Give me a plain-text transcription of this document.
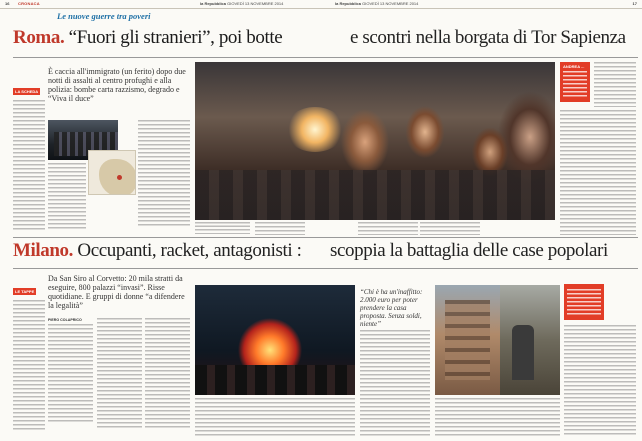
16 CRONACA	la Repubblica GIOVEDÌ 13 NOVEMBRE 2014	la Repubblica GIOVEDÌ 13 NOVEMBRE 2014	17
Le nuove guerre tra poveri
Roma. “Fuori gli stranieri”, poi botte	e scontri nella borgata di Tor Sapienza
LA SCHEDA
È caccia all'immigrato (un ferito) dopo due notti di assalti al centro profughi e alla polizia: bombe carta razzismo, degrado e “Viva il duce”
ANDREA ...
Milano. Occupanti, racket, antagonisti : scoppia la battaglia delle case popolari
LE TAPPE
Da San Siro al Corvetto: 20 mila stratti da eseguire, 800 palazzi “invasi”. Risse quotidiane. E gruppi di donne “a difendere la legalità”
PIERO COLAPRICO
“Chi è ha un'inaffitto: 2.000 euro per poter prendere la casa proposta. Senza soldi, niente”
